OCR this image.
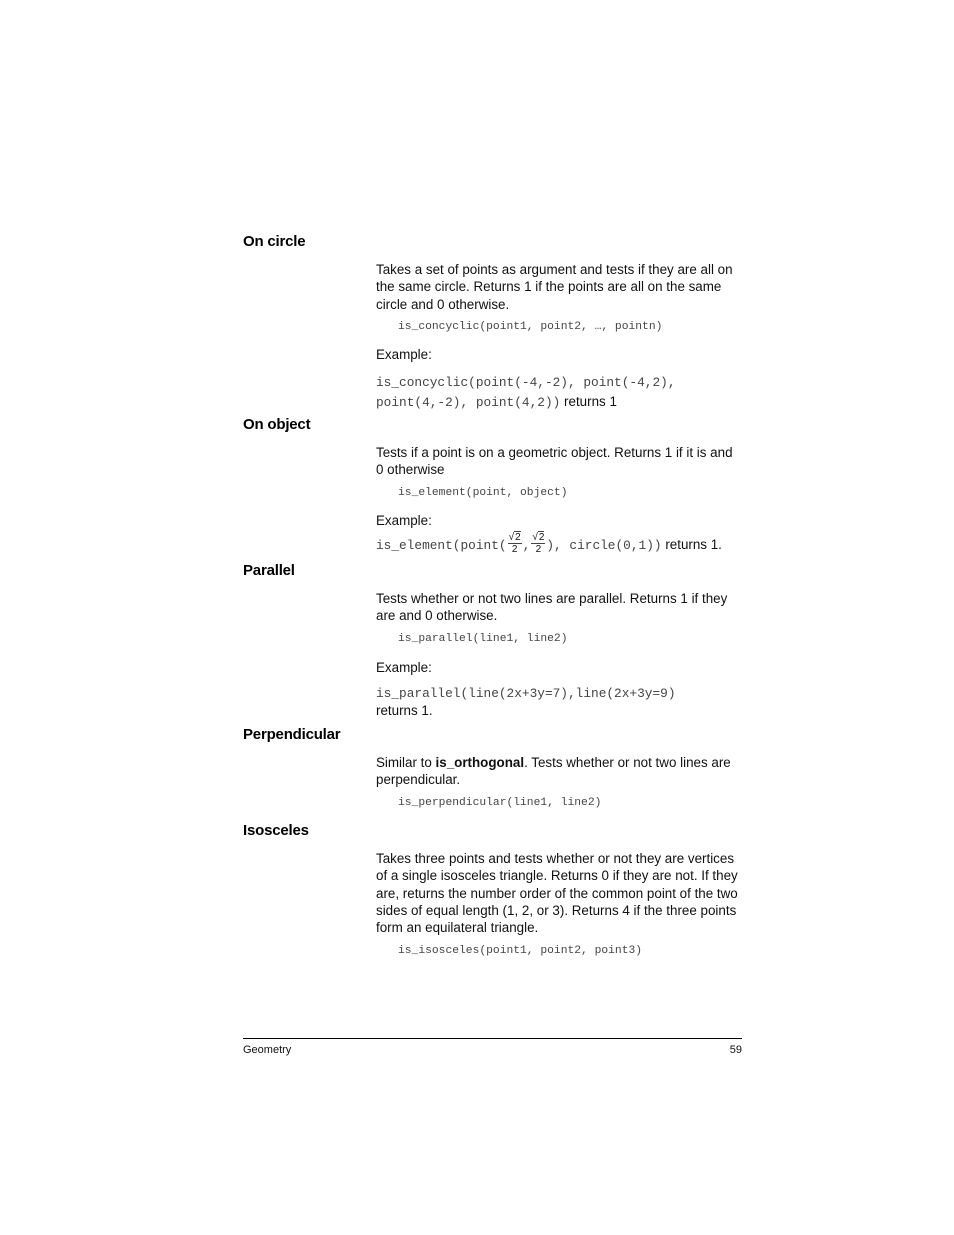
On circle

Takes a set of points as argument and tests if they are all on the same circle. Returns 1 if the points are all on the same circle and 0 otherwise.

is_concyclic(point1, point2, …, pointn)

Example:

is_concyclic(point(-4,-2), point(-4,2), point(4,-2), point(4,2)) returns 1

On object

Tests if a point is on a geometric object. Returns 1 if it is and 0 otherwise

is_element(point, object)

Example:

is_element(point( $\frac{√2}{2}$ , $\frac{√2}{2}$ ), circle(0,1)) returns 1.

Parallel

Tests whether or not two lines are parallel. Returns 1 if they are and 0 otherwise.

is_parallel(line1, line2)

Example:

is_parallel(line(2x+3y=7),line(2x+3y=9)
returns 1.

Perpendicular

Similar to is_orthogonal. Tests whether or not two lines are perpendicular.

is_perpendicular(line1, line2)

Isosceles

Takes three points and tests whether or not they are vertices of a single isosceles triangle. Returns 0 if they are not. If they are, returns the number order of the common point of the two sides of equal length (1, 2, or 3). Returns 4 if the three points form an equilateral triangle.

is_isosceles(point1, point2, point3)

Geometry	59
